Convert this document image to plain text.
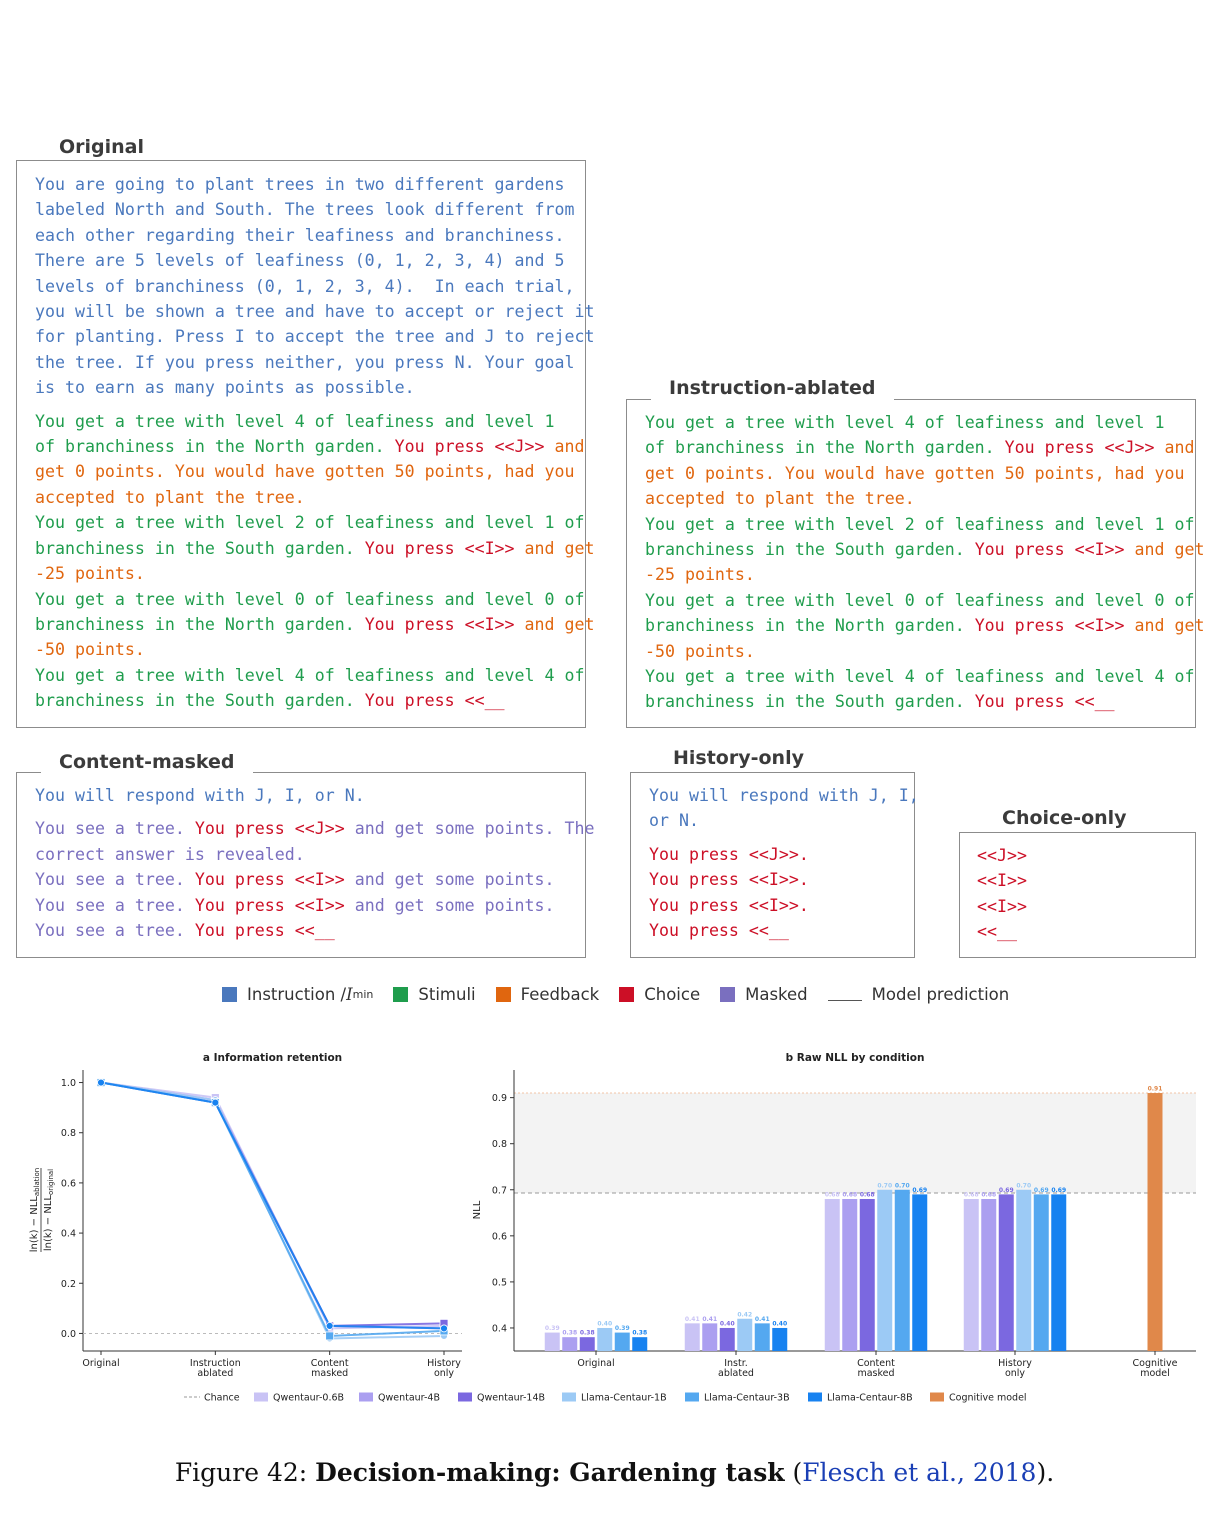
Original
You are going to plant trees in two different gardens
labeled North and South. The trees look different from
each other regarding their leafiness and branchiness.
There are 5 levels of leafiness (0, 1, 2, 3, 4) and 5
levels of branchiness (0, 1, 2, 3, 4).  In each trial,
you will be shown a tree and have to accept or reject it
for planting. Press I to accept the tree and J to reject
the tree. If you press neither, you press N. Your goal
is to earn as many points as possible.
You get a tree with level 4 of leafiness and level 1
of branchiness in the North garden. You press <<J>> and
get 0 points. You would have gotten 50 points, had you
accepted to plant the tree.
You get a tree with level 2 of leafiness and level 1 of
branchiness in the South garden. You press <<I>> and get
-25 points.
You get a tree with level 0 of leafiness and level 0 of
branchiness in the North garden. You press <<I>> and get
-50 points.
You get a tree with level 4 of leafiness and level 4 of
branchiness in the South garden. You press <<__
Instruction-ablated
You get a tree with level 4 of leafiness and level 1
of branchiness in the North garden. You press <<J>> and
get 0 points. You would have gotten 50 points, had you
accepted to plant the tree.
You get a tree with level 2 of leafiness and level 1 of
branchiness in the South garden. You press <<I>> and get
-25 points.
You get a tree with level 0 of leafiness and level 0 of
branchiness in the North garden. You press <<I>> and get
-50 points.
You get a tree with level 4 of leafiness and level 4 of
branchiness in the South garden. You press <<__
Content-masked
You will respond with J, I, or N.
You see a tree. You press <<J>> and get some points. The
correct answer is revealed.
You see a tree. You press <<I>> and get some points.
You see a tree. You press <<I>> and get some points.
You see a tree. You press <<__
History-only
You will respond with J, I,
or N.
You press <<J>>.
You press <<I>>.
You press <<I>>.
You press <<__
Choice-only
<<J>>
<<I>>
<<I>>
<<__
Instruction / I min	Stimuli	Feedback	Choice	Masked	Model prediction
a Information retention
0.0
0.2
0.4
0.6
0.8
1.0
Original	Instruction
ablated
Content
masked
History
only
$\ln(k) - NLL_{ablation}$
$\ln(k) - NLL_{original}$
b Raw NLL by condition
0.4
0.5
0.6
0.7
0.8
0.9
NLL
Original	Instr.
ablated
Content
masked
History
only
Cognitive
model
0.39
0.41
0.68	0.68
0.38
0.41
0.68	0.68
0.38
0.40
0.68
0.69
0.40
0.42
0.70	0.70
0.39
0.41
0.70
0.69
0.38
0.40
0.69	0.69
0.91
Chance	Qwentaur-0.6B	Qwentaur-4B	Qwentaur-14B	Llama-Centaur-1B	Llama-Centaur-3B	Llama-Centaur-8B	Cognitive model
Figure 42: Decision-making: Gardening task (Flesch et al., 2018).
